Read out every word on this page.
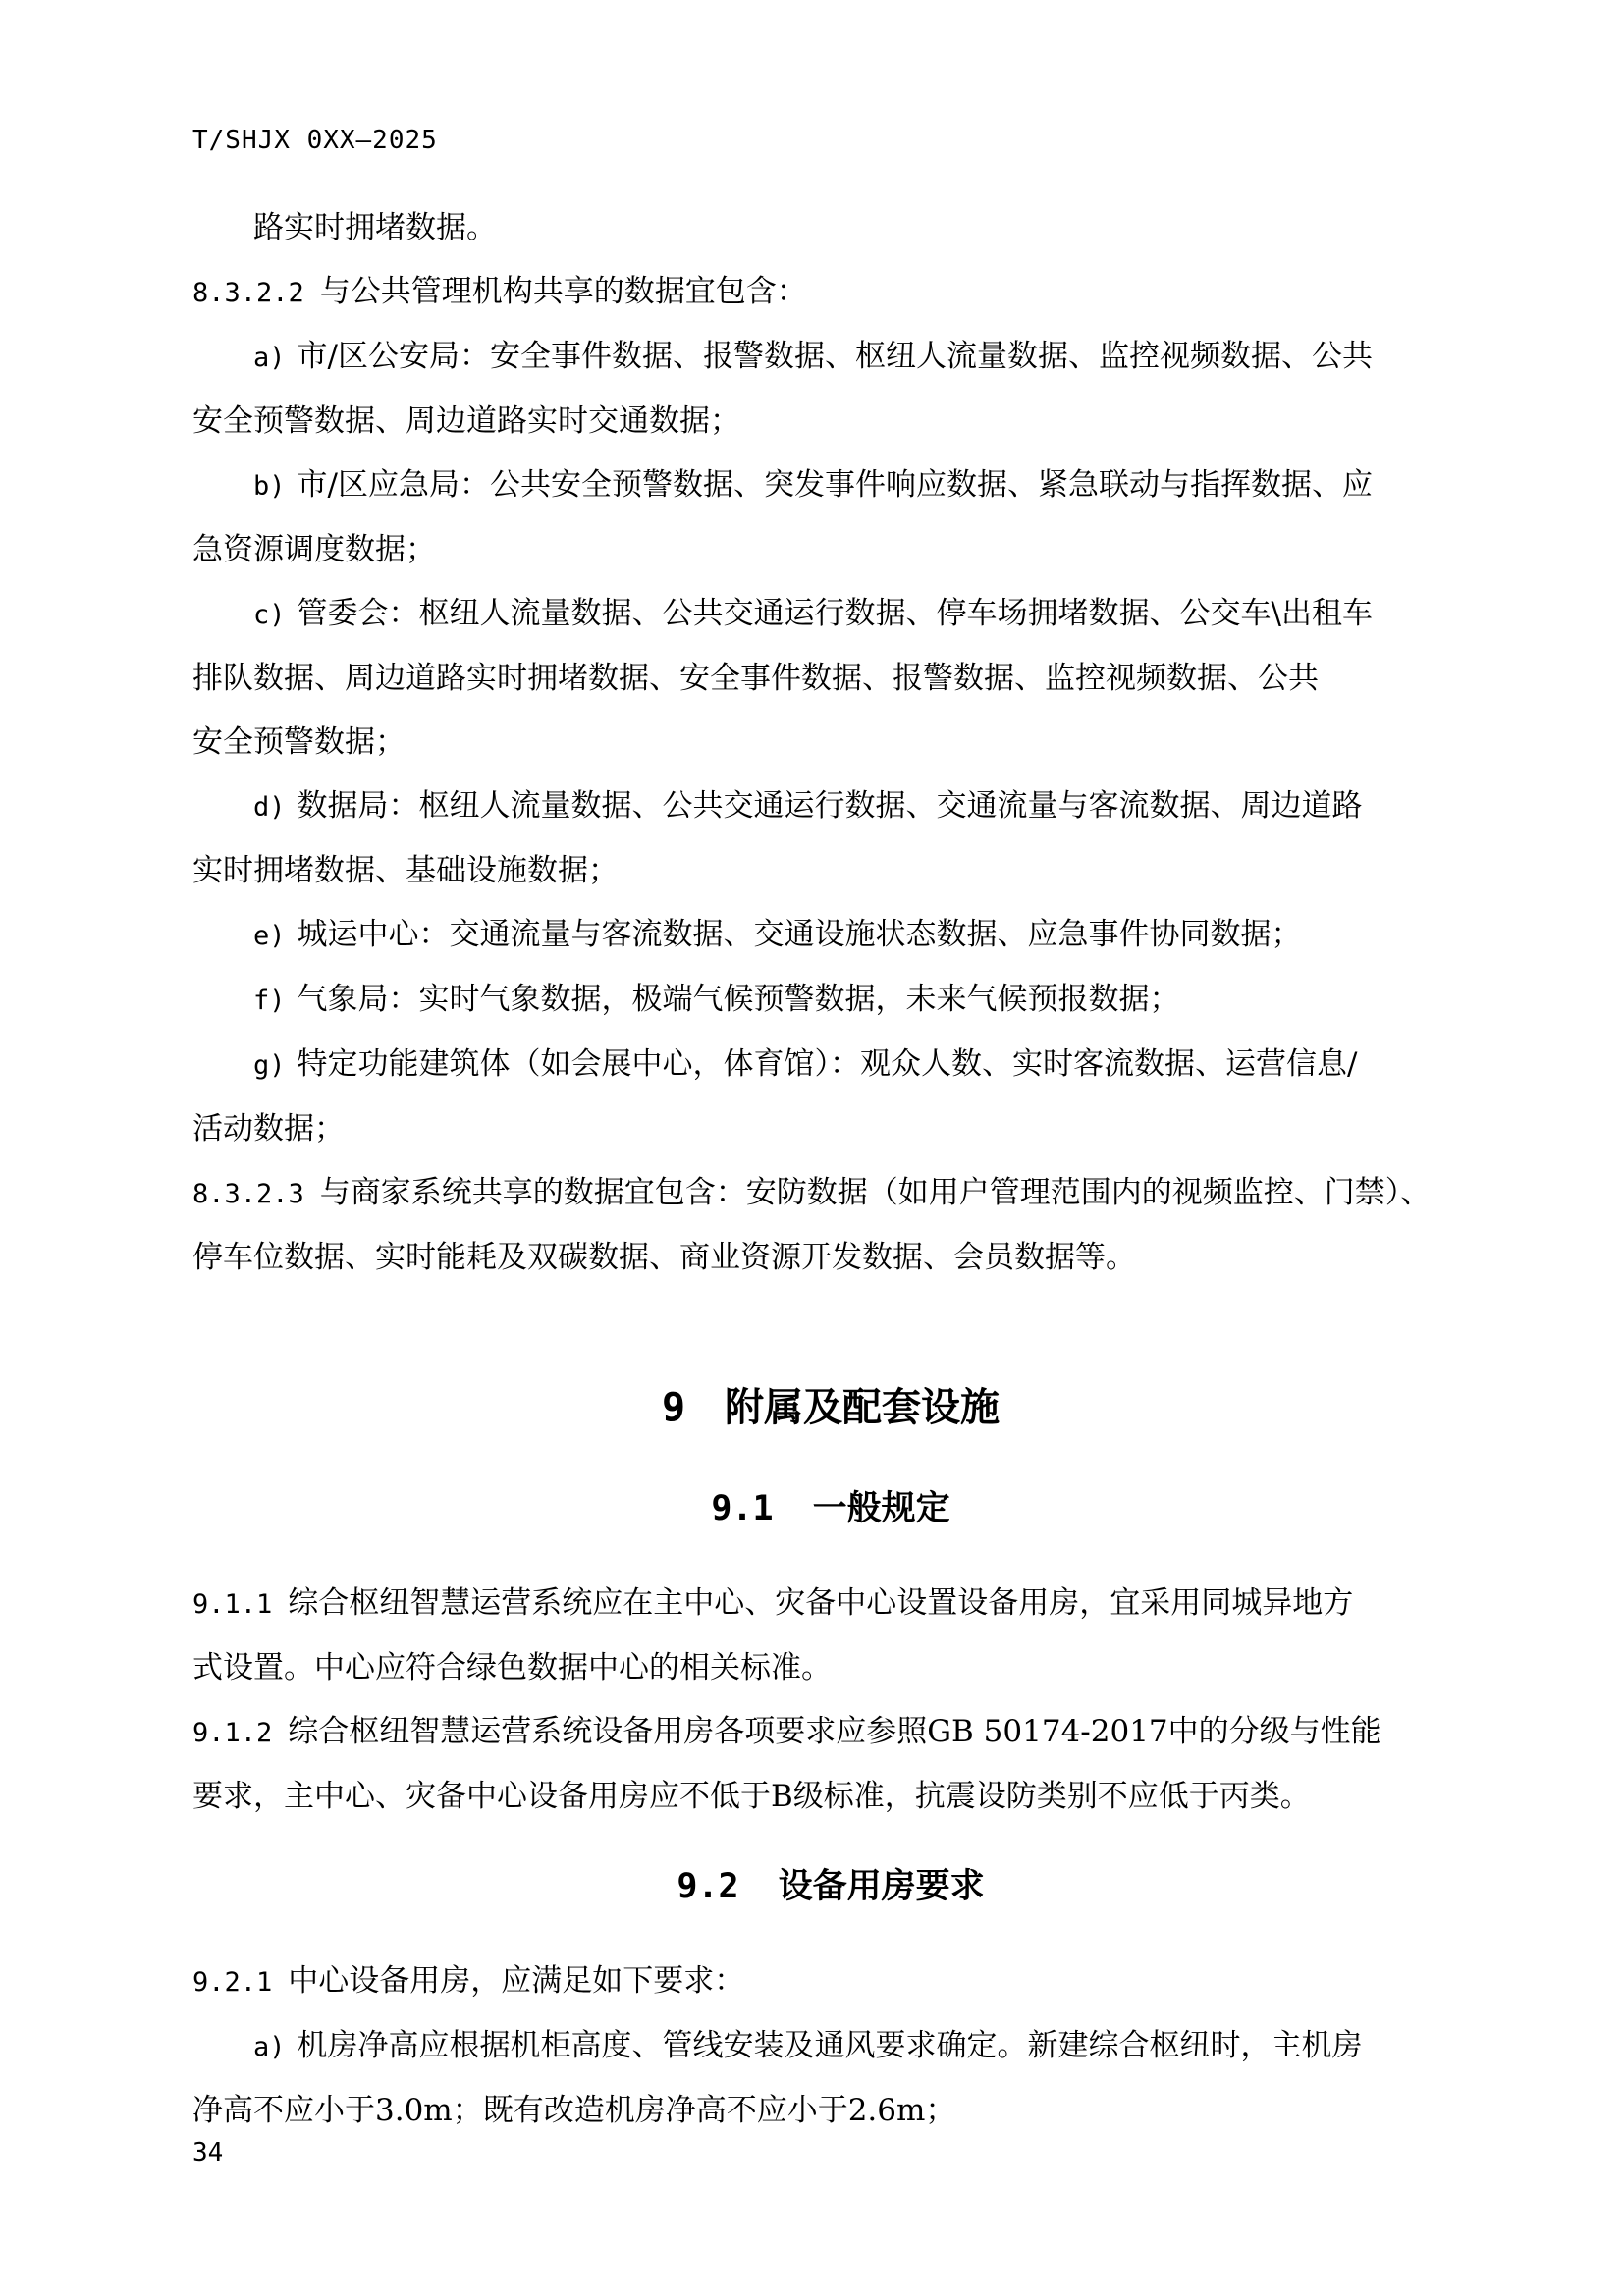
T/SHJX 0XX—2025

路实时拥堵数据。

8.3.2.2 与公共管理机构共享的数据宜包含：

a) 市/区公安局：安全事件数据、报警数据、枢纽人流量数据、监控视频数据、公共

安全预警数据、周边道路实时交通数据；

b) 市/区应急局：公共安全预警数据、突发事件响应数据、紧急联动与指挥数据、应

急资源调度数据；

c) 管委会：枢纽人流量数据、公共交通运行数据、停车场拥堵数据、公交车\出租车

排队数据、周边道路实时拥堵数据、安全事件数据、报警数据、监控视频数据、公共

安全预警数据；

d) 数据局：枢纽人流量数据、公共交通运行数据、交通流量与客流数据、周边道路

实时拥堵数据、基础设施数据；

e) 城运中心：交通流量与客流数据、交通设施状态数据、应急事件协同数据；

f) 气象局：实时气象数据，极端气候预警数据，未来气候预报数据；

g) 特定功能建筑体（如会展中心，体育馆）：观众人数、实时客流数据、运营信息/

活动数据；

8.3.2.3 与商家系统共享的数据宜包含：安防数据（如用户管理范围内的视频监控、门禁）、

停车位数据、实时能耗及双碳数据、商业资源开发数据、会员数据等。

9 附属及配套设施
9.1 一般规定

9.1.1 综合枢纽智慧运营系统应在主中心、灾备中心设置设备用房，宜采用同城异地方

式设置。中心应符合绿色数据中心的相关标准。

9.1.2 综合枢纽智慧运营系统设备用房各项要求应参照GB 50174-2017中的分级与性能

要求，主中心、灾备中心设备用房应不低于B级标准，抗震设防类别不应低于丙类。

9.2 设备用房要求

9.2.1 中心设备用房，应满足如下要求：

a) 机房净高应根据机柜高度、管线安装及通风要求确定。新建综合枢纽时，主机房

净高不应小于3.0m；既有改造机房净高不应小于2.6m；

34
